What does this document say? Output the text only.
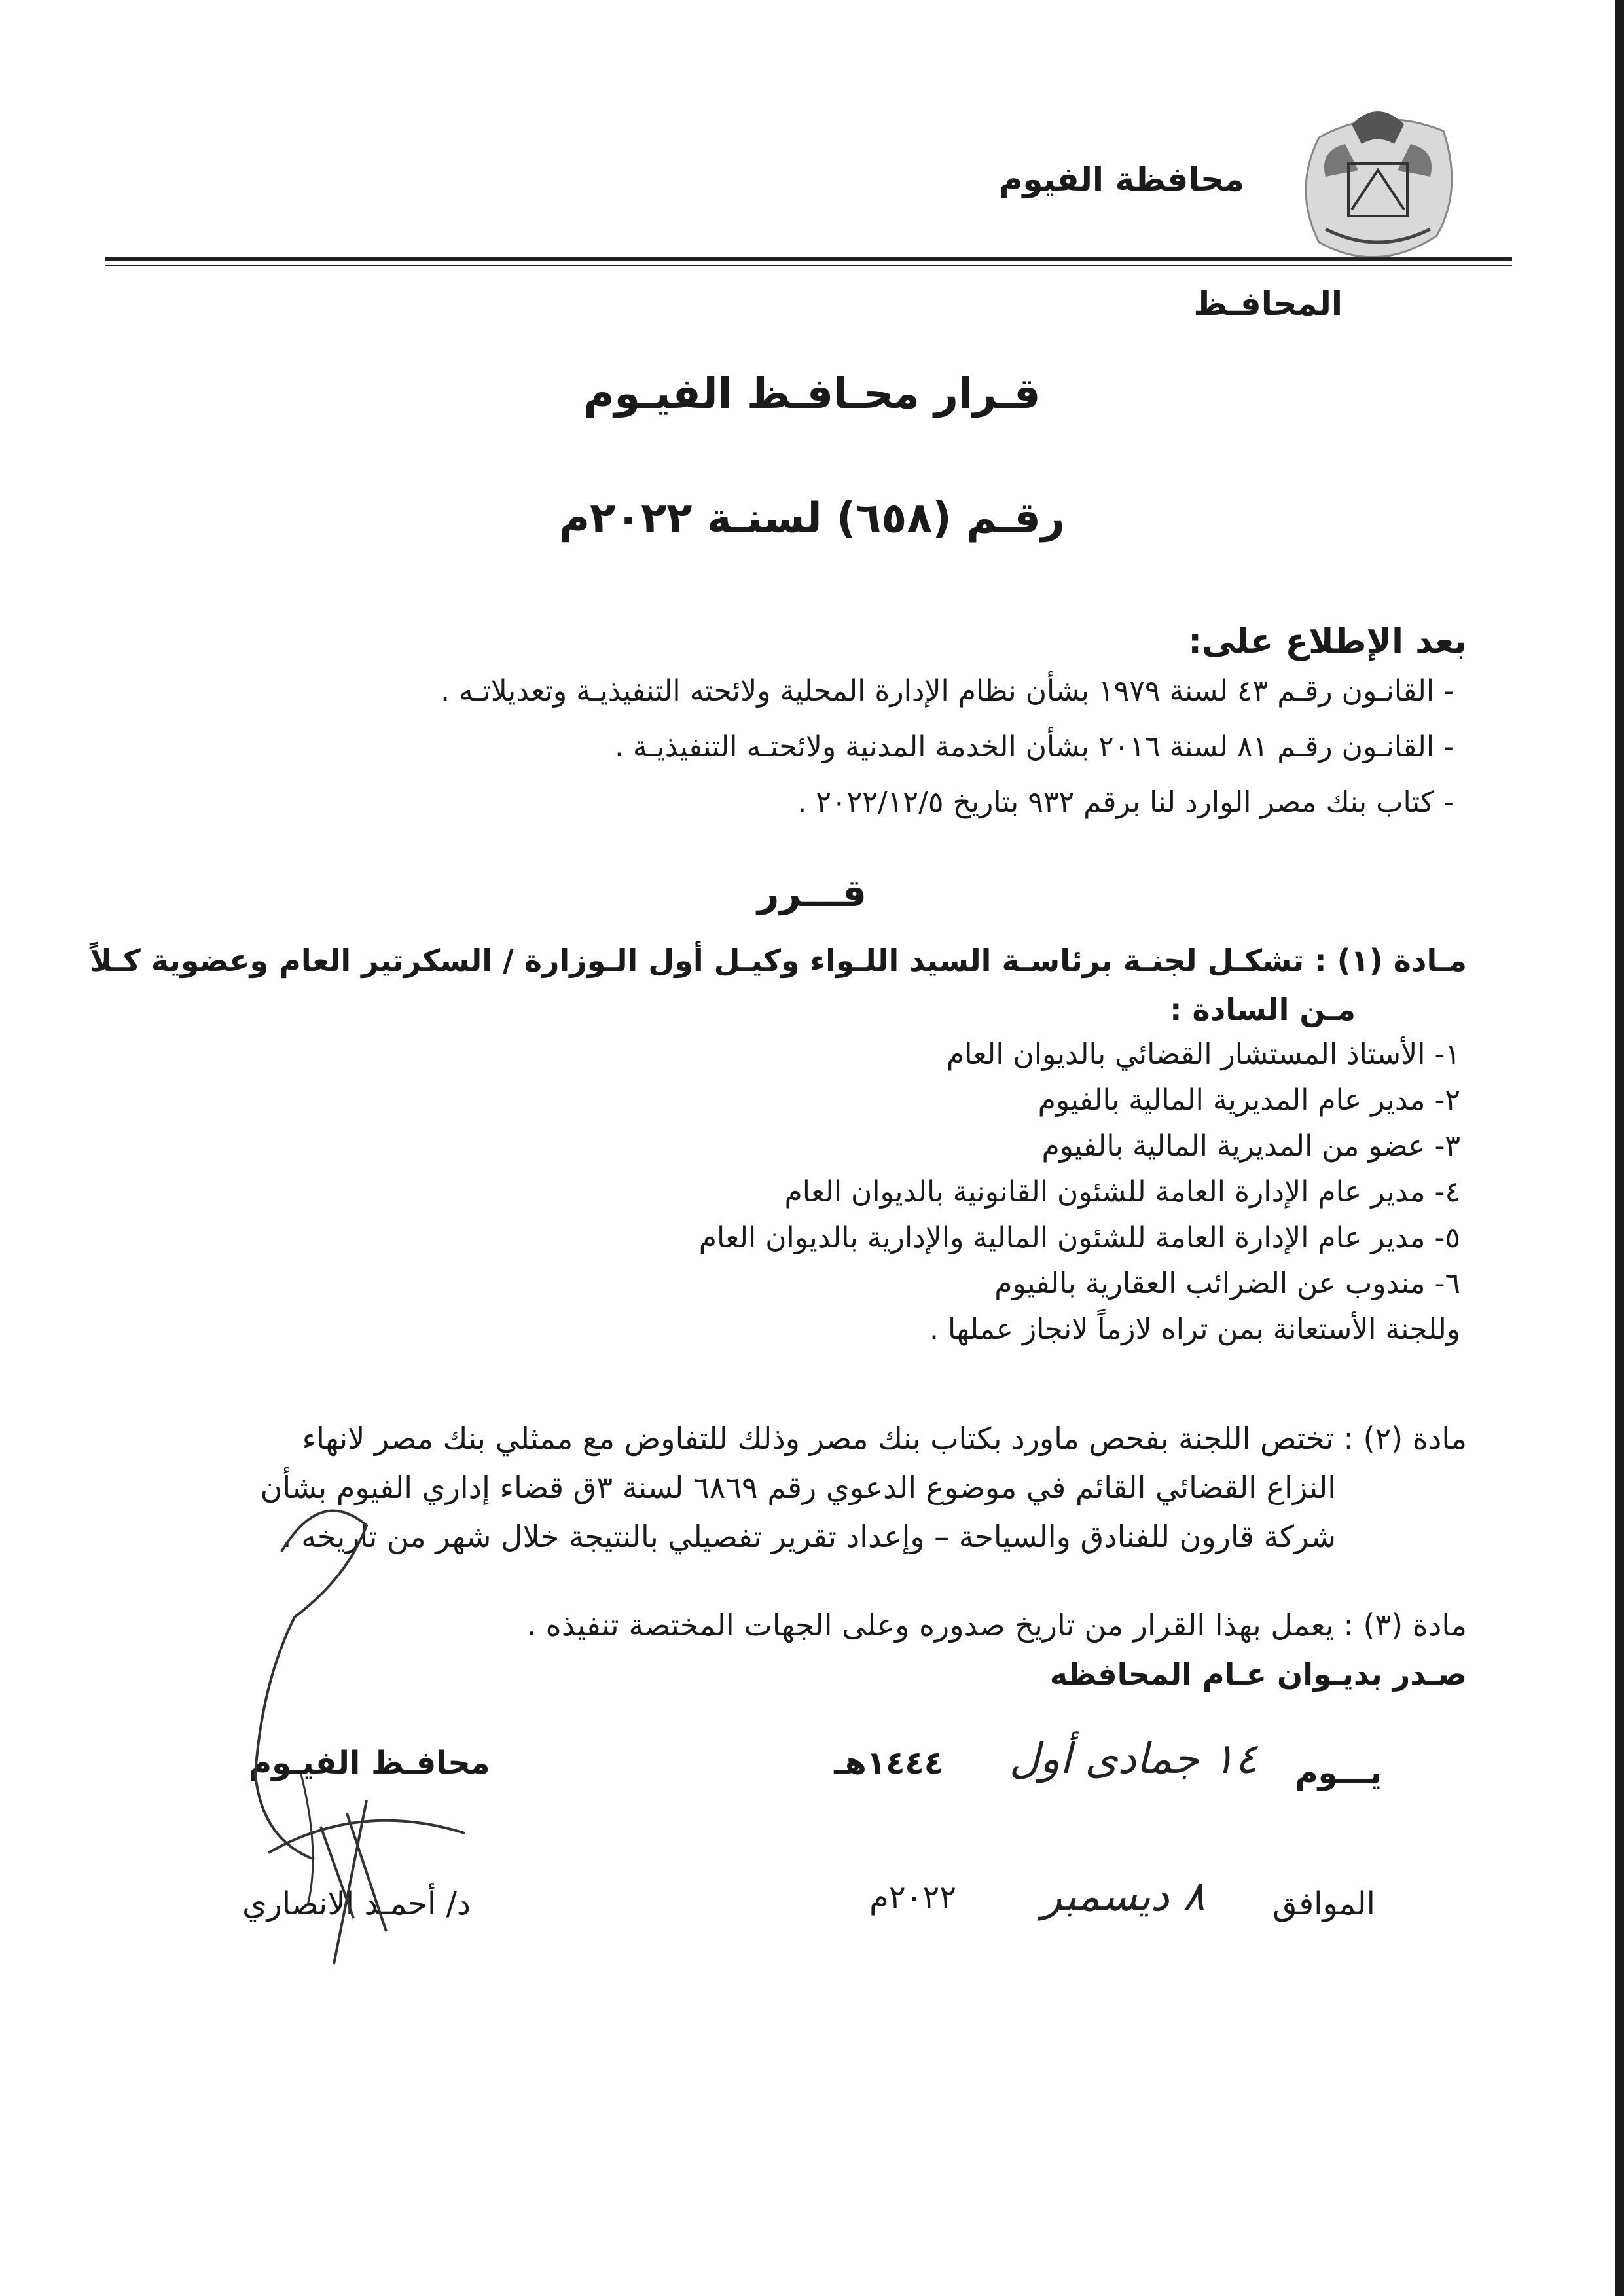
محافظة الفيوم
المحافـظ
قـرار محـافـظ الفيـوم
رقـم (٦٥٨) لسنـة ٢٠٢٢م
بعد الإطلاع على:
- القانـون رقـم ٤٣ لسنة ١٩٧٩ بشأن نظام الإدارة المحلية ولائحته التنفيذيـة وتعديلاتـه .
- القانـون رقـم ٨١ لسنة ٢٠١٦ بشأن الخدمة المدنية ولائحتـه التنفيذيـة .
- كتاب بنك مصر الوارد لنا برقم ٩٣٢ بتاريخ ٢٠٢٢/١٢/٥ .
قـــرر
مـادة (١) : تشكـل لجنـة برئاسـة السيد اللـواء وكيـل أول الـوزارة / السكرتير العام وعضوية كـلاً
مـن السادة :
١- الأستاذ المستشار القضائي بالديوان العام
٢- مدير عام المديرية المالية بالفيوم
٣- عضو من المديرية المالية بالفيوم
٤- مدير عام الإدارة العامة للشئون القانونية بالديوان العام
٥- مدير عام الإدارة العامة للشئون المالية والإدارية بالديوان العام
٦- مندوب عن الضرائب العقارية بالفيوم
وللجنة الأستعانة بمن تراه لازماً لانجاز عملها .
مادة (٢) : تختص اللجنة بفحص ماورد بكتاب بنك مصر وذلك للتفاوض مع ممثلي بنك مصر لانهاء
النزاع القضائي القائم في موضوع الدعوي رقم ٦٨٦٩ لسنة ٣ق قضاء إداري الفيوم بشأن
شركة قارون للفنادق والسياحة – وإعداد تقرير تفصيلي بالنتيجة خلال شهر من تاريخه .
مادة (٣) : يعمل بهذا القرار من تاريخ صدوره وعلى الجهات المختصة تنفيذه .
صـدر بديـوان عـام المحافظه
يـــوم
١٤ جمادى أول
١٤٤٤هـ
الموافق
٨ ديسمبر
٢٠٢٢م
محافـظ الفيـوم
د/ أحمـد الانصاري
